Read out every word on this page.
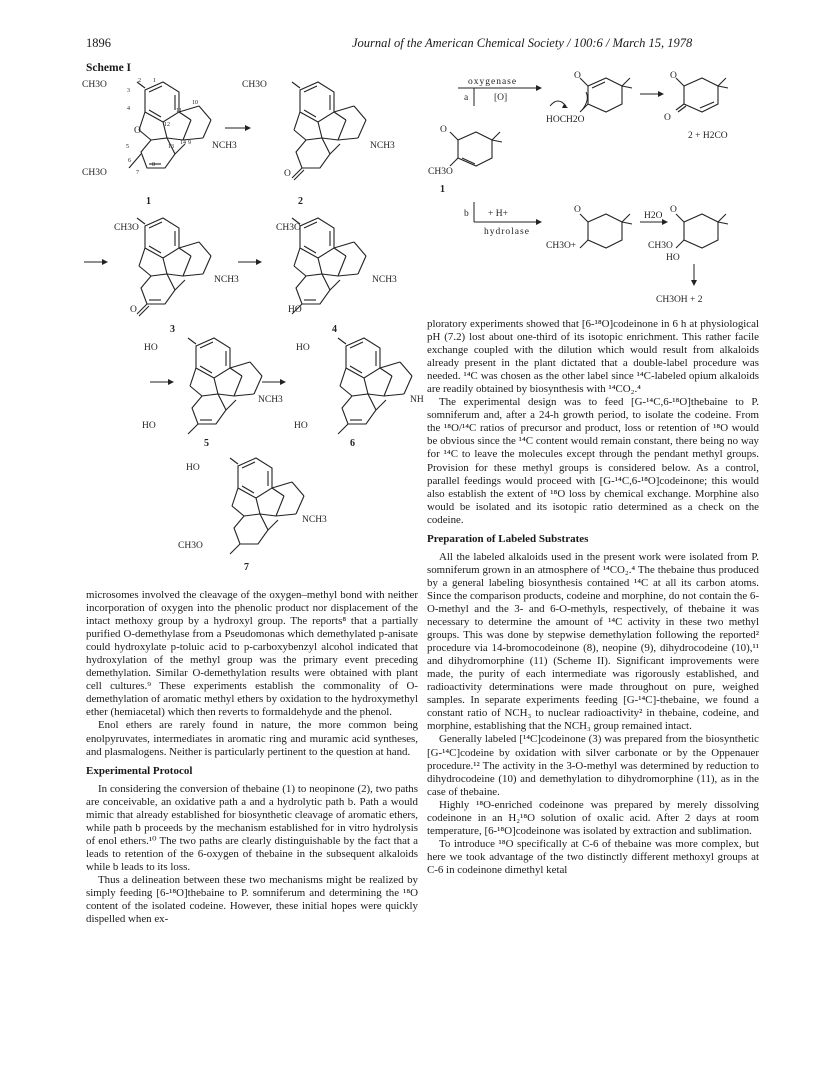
1896	Journal of the American Chemical Society / 100:6 / March 15, 1978
Scheme I
CH3O
CH3O
NCH3
O
1
2
3
4
5
6
7
8
9
10
11
12
13
14
1
CH3O
NCH3
O
2
CH3O
NCH3
O
3
CH3O
NCH3
HO
4
HO
NCH3
HO
5
HO
NH
HO
6
HO
NCH3
CH3O
7
oxygenase
a	[O]
O
HOCH2O
O
O
2 + H2CO
O
CH3O
1
b + H+
hydrolase
O
CH3O+
H2O
O
CH3O
HO
CH3OH + 2

microsomes involved the cleavage of the oxygen–methyl bond with neither incorporation of oxygen into the phenolic product nor displacement of the intact methoxy group by a hydroxyl group. The reports⁸ that a partially purified O-demethylase from a Pseudomonas which demethylated p-anisate could hydroxylate p-toluic acid to p-carboxybenzyl alcohol indicated that hydroxylation of the methyl group was the primary event preceding demethylation. Similar O-demethylation results were obtained with plant cell cultures.⁹ These experiments establish the commonality of O-demethylation of aromatic methyl ethers by oxidation to the hydroxymethyl ether (hemiacetal) which then reverts to formaldehyde and the phenol.

Enol ethers are rarely found in nature, the more common being enolpyruvates, intermediates in aromatic ring and muramic acid syntheses, and plasmalogens. Neither is particularly pertinent to the question at hand.

Experimental Protocol

In considering the conversion of thebaine (1) to neopinone (2), two paths are conceivable, an oxidative path a and a hydrolytic path b. Path a would mimic that already established for biosynthetic cleavage of aromatic ethers, while path b proceeds by the mechanism established for in vitro hydrolysis of enol ethers.¹⁰ The two paths are clearly distinguishable by the fact that a leads to retention of the 6-oxygen of thebaine in the subsequent alkaloids while b leads to its loss.

Thus a delineation between these two mechanisms might be realized by simply feeding [6-¹⁸O]thebaine to P. somniferum and determining the ¹⁸O content of the isolated codeine. However, these initial hopes were quickly dispelled when ex-

ploratory experiments showed that [6-¹⁸O]codeinone in 6 h at physiological pH (7.2) lost about one-third of its isotopic enrichment. This rather facile exchange coupled with the dilution which would result from alkaloids already present in the plant dictated that a double-label procedure was needed. ¹⁴C was chosen as the other label since ¹⁴C-labeled opium alkaloids are readily obtained by biosynthesis with ¹⁴CO₂.⁴

The experimental design was to feed [G-¹⁴C,6-¹⁸O]thebaine to P. somniferum and, after a 24-h growth period, to isolate the codeine. From the ¹⁸O/¹⁴C ratios of precursor and product, loss or retention of ¹⁸O would be obvious since the ¹⁴C content would remain constant, there being no way for ¹⁴C to leave the molecules except through the pendant methyl groups. Provision for these methyl groups is considered below. As a control, parallel feedings would proceed with [G-¹⁴C,6-¹⁸O]codeinone; this would also establish the extent of ¹⁸O loss by chemical exchange. Morphine also would be isolated and its isotopic ratio determined as a check on the codeine.

Preparation of Labeled Substrates

All the labeled alkaloids used in the present work were isolated from P. somniferum grown in an atmosphere of ¹⁴CO₂.⁴ The thebaine thus produced by a general labeling biosynthesis contained ¹⁴C at all its carbon atoms. Since the comparison products, codeine and morphine, do not contain the 6-O-methyl and the 3- and 6-O-methyls, respectively, of thebaine it was necessary to determine the amount of ¹⁴C activity in these two methyl groups. This was done by stepwise demethylation following the reported² procedure via 14-bromocodeinone (8), neopine (9), dihydrocodeine (10),¹¹ and dihydromorphine (11) (Scheme II). Significant improvements were made, the purity of each intermediate was rigorously established, and radioactivity determinations were made throughout on pure, weighed samples. In separate experiments feeding [G-¹⁴C]-thebaine, we found a constant ratio of NCH₃ to nuclear radioactivity² in thebaine, codeine, and morphine, establishing that the NCH₃ group remained intact.

Generally labeled [¹⁴C]codeinone (3) was prepared from the biosynthetic [G-¹⁴C]codeine by oxidation with silver carbonate or by the Oppenauer procedure.¹² The activity in the 3-O-methyl was determined by reduction to dihydrocodeine (10) and demethylation to dihydromorphine (11), as in the case of thebaine.

Highly ¹⁸O-enriched codeinone was prepared by merely dissolving codeinone in an H₂¹⁸O solution of oxalic acid. After 2 days at room temperature, [6-¹⁸O]codeinone was isolated by extraction and sublimation.

To introduce ¹⁸O specifically at C-6 of thebaine was more complex, but here we took advantage of the two distinctly different methoxyl groups at C-6 in codeinone dimethyl ketal
